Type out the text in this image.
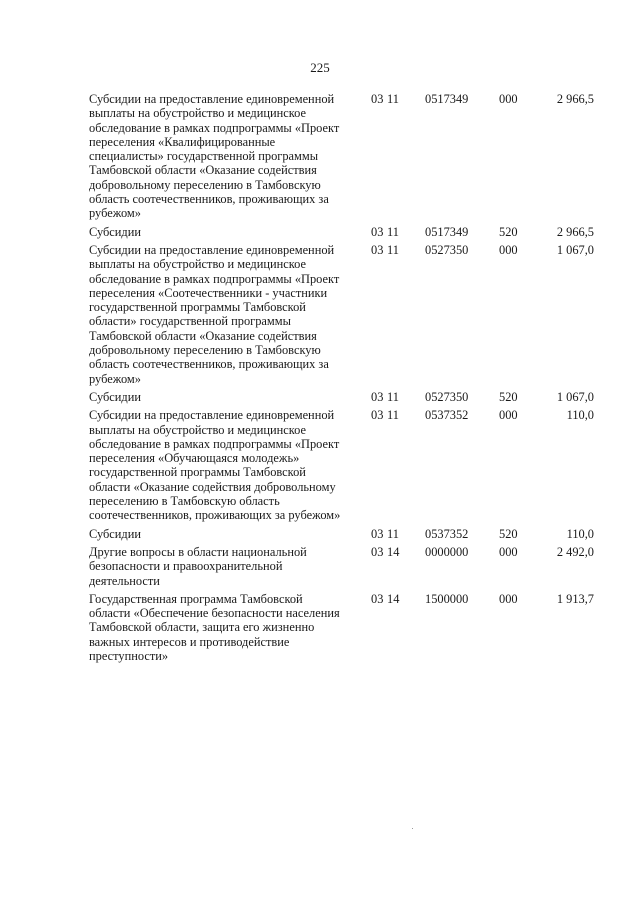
225
Субсидии на предоставление единовременной выплаты на обустройство и медицинское обследование в рамках подпрограммы «Проект переселения «Квалифицированные специалисты» государственной программы Тамбовской области «Оказание содействия добровольному переселению в Тамбовскую область соотечественников, проживающих за рубежом»	03 11	0517349	000	2 966,5
Субсидии	03 11	0517349	520	2 966,5
Субсидии на предоставление единовременной выплаты на обустройство и медицинское обследование в рамках подпрограммы «Проект переселения «Соотечественники - участники государственной программы Тамбовской области» государственной программы Тамбовской области «Оказание содействия добровольному переселению в Тамбовскую область соотечественников, проживающих за рубежом»	03 11	0527350	000	1 067,0
Субсидии	03 11	0527350	520	1 067,0
Субсидии на предоставление единовременной выплаты на обустройство и медицинское обследование в рамках подпрограммы «Проект переселения «Обучающаяся молодежь» государственной программы Тамбовской области «Оказание содействия добровольному переселению в Тамбовскую область соотечественников, проживающих за рубежом»	03 11	0537352	000	110,0
Субсидии	03 11	0537352	520	110,0
Другие вопросы в области национальной безопасности и правоохранительной деятельности	03 14	0000000	000	2 492,0
Государственная программа Тамбовской области «Обеспечение безопасности населения Тамбовской области, защита его жизненно важных интересов и противодействие преступности»	03 14	1500000	000	1 913,7
